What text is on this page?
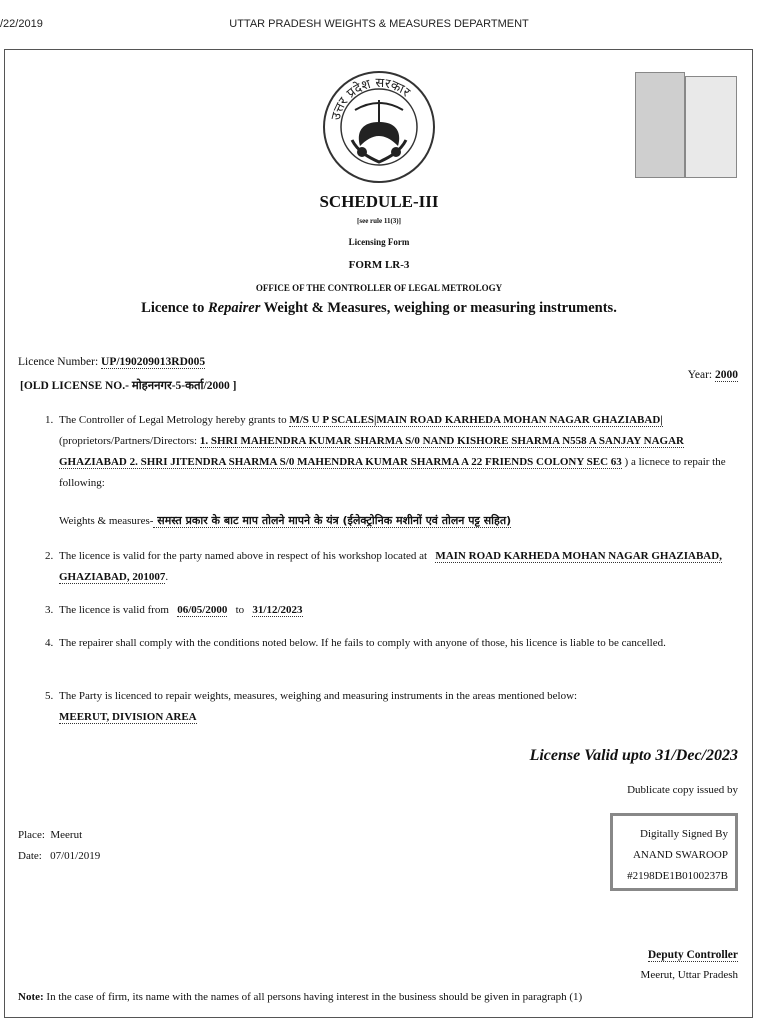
/22/2019	UTTAR PRADESH WEIGHTS & MEASURES DEPARTMENT
उत्तर प्रदेश सरकार
SCHEDULE-III
[see rule 11(3)]
Licensing Form
FORM LR-3
OFFICE OF THE CONTROLLER OF LEGAL METROLOGY
Licence to Repairer Weight & Measures, weighing or measuring instruments.
Licence Number: UP/190209013RD005
[OLD LICENSE NO.- मोहननगर-5-कर्ता/2000 ]
Year: 2000
1. The Controller of Legal Metrology hereby grants to M/S U P SCALES|MAIN ROAD KARHEDA MOHAN NAGAR GHAZIABAD| (proprietors/Partners/Directors: 1. SHRI MAHENDRA KUMAR SHARMA S/0 NAND KISHORE SHARMA N558 A SANJAY NAGAR GHAZIABAD 2. SHRI JITENDRA SHARMA S/0 MAHENDRA KUMAR SHARMA A 22 FRIENDS COLONY SEC 63 ) a licnece to repair the following:
Weights & measures- समस्त प्रकार के बाट माप तोलने मापने के यंत्र (ईलेक्ट्रोनिक मशीनों एवं तोलन पट्ट सहित)
2. The licence is valid for the party named above in respect of his workshop located at MAIN ROAD KARHEDA MOHAN NAGAR GHAZIABAD, GHAZIABAD, 201007.
3. The licence is valid from 06/05/2000 to 31/12/2023
4. The repairer shall comply with the conditions noted below. If he fails to comply with anyone of those, his licence is liable to be cancelled.
5. The Party is licenced to repair weights, measures, weighing and measuring instruments in the areas mentioned below:
MEERUT, DIVISION AREA
License Valid upto 31/Dec/2023
Dublicate copy issued by
Place: Meerut
Date: 07/01/2019
Digitally Signed By
ANAND SWAROOP
#2198DE1B0100237B
Deputy Controller
Meerut, Uttar Pradesh
Note: In the case of firm, its name with the names of all persons having interest in the business should be given in paragraph (1)
